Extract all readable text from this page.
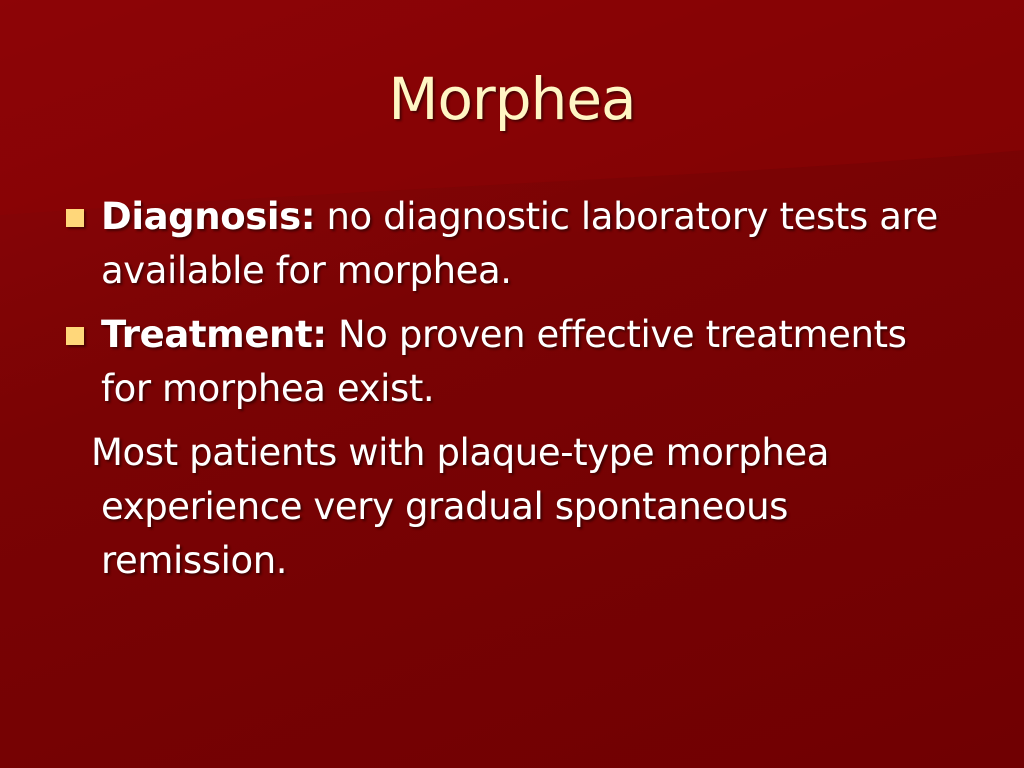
Morphea
Diagnosis: no diagnostic laboratory tests are available for morphea.
Treatment: No proven effective treatments for morphea exist.
Most patients with plaque-type morphea experience very gradual spontaneous remission.
